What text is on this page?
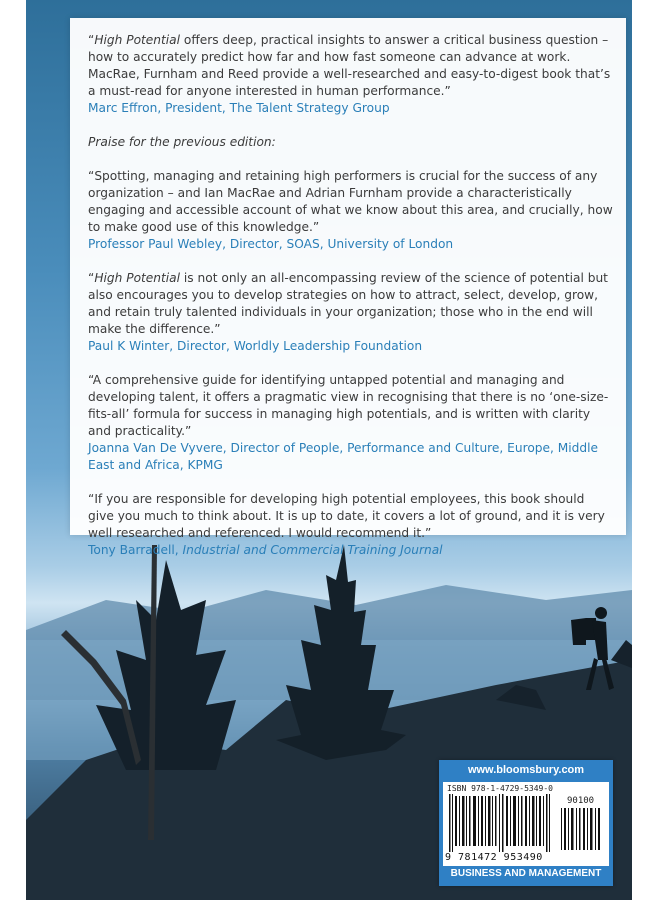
“High Potential offers deep, practical insights to answer a critical business question – how to accurately predict how far and how fast someone can advance at work. MacRae, Furnham and Reed provide a well-researched and easy-to-digest book that’s a must-read for anyone interested in human performance.”

Marc Effron, President, The Talent Strategy Group

Praise for the previous edition:

“Spotting, managing and retaining high performers is crucial for the success of any organization – and Ian MacRae and Adrian Furnham provide a characteristically engaging and accessible account of what we know about this area, and crucially, how to make good use of this knowledge.”

Professor Paul Webley, Director, SOAS, University of London

“High Potential is not only an all-encompassing review of the science of potential but also encourages you to develop strategies on how to attract, select, develop, grow, and retain truly talented individuals in your organization; those who in the end will make the difference.”

Paul K Winter, Director, Worldly Leadership Foundation

“A comprehensive guide for identifying untapped potential and managing and developing talent, it offers a pragmatic view in recognising that there is no ‘one-size-fits-all’ formula for success in managing high potentials, and is written with clarity and practicality.”

Joanna Van De Vyvere, Director of People, Performance and Culture, Europe, Middle East and Africa, KPMG

“If you are responsible for developing high potential employees, this book should give you much to think about. It is up to date, it covers a lot of ground, and it is very well researched and referenced. I would recommend it.”

Tony Barradell, Industrial and Commercial Training Journal

www.bloomsbury.com
ISBN 978-1-4729-5349-0
90100
9 781472 953490
BUSINESS AND MANAGEMENT
